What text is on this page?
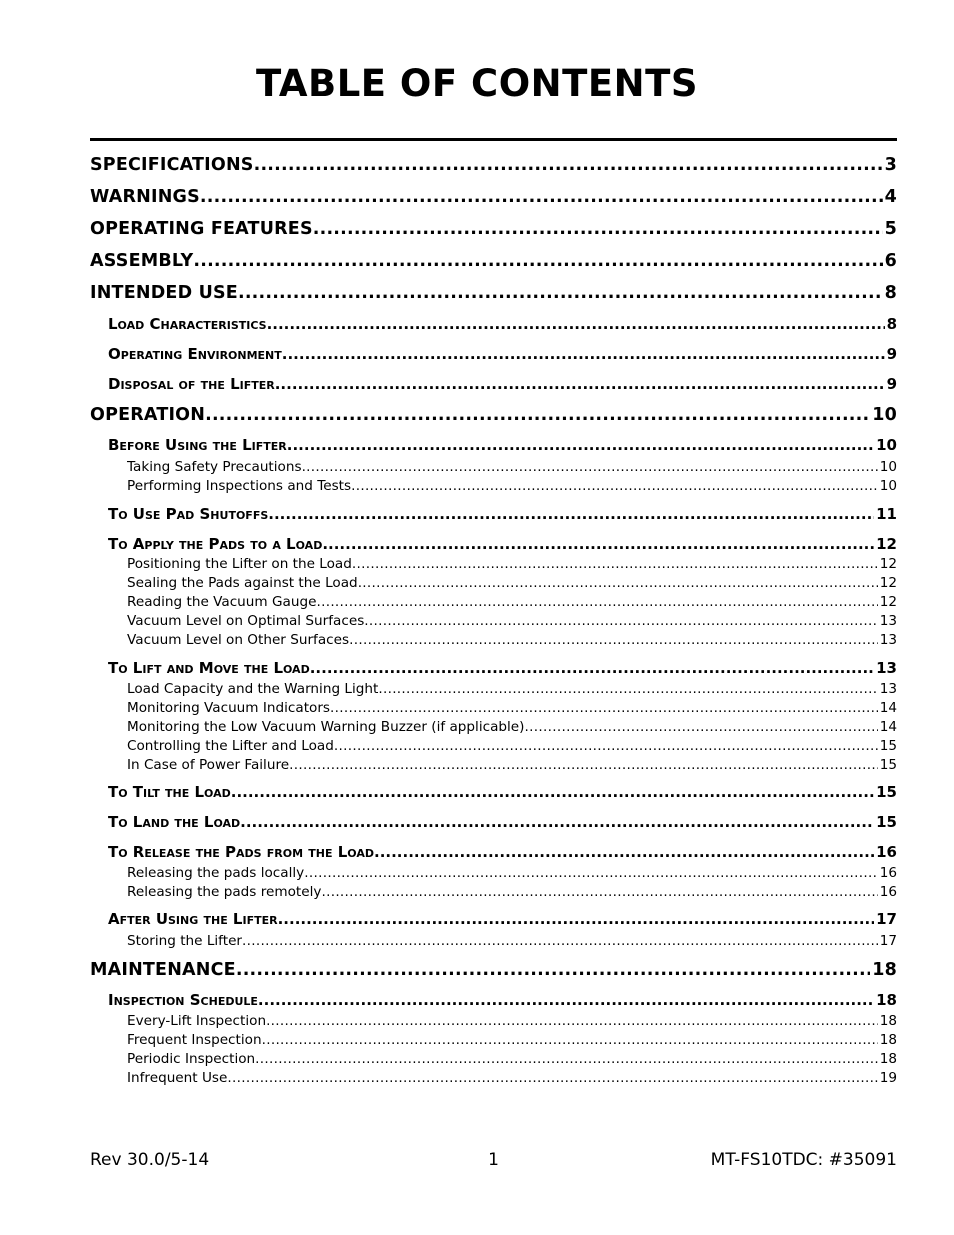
TABLE OF CONTENTS
SPECIFICATIONS .....	3
WARNINGS .....	4
OPERATING FEATURES .....	5
ASSEMBLY .....	6
INTENDED USE .....	8
Load Characteristics .....	8
Operating Environment .....	9
Disposal of the Lifter .....	9
OPERATION .....	10
Before Using the Lifter .....	10
Taking Safety Precautions .....	10
Performing Inspections and Tests .....	10
To Use Pad Shutoffs .....	11
To Apply the Pads to a Load .....	12
Positioning the Lifter on the Load .....	12
Sealing the Pads against the Load .....	12
Reading the Vacuum Gauge .....	12
Vacuum Level on Optimal Surfaces .....	13
Vacuum Level on Other Surfaces .....	13
To Lift and Move the Load .....	13
Load Capacity and the Warning Light .....	13
Monitoring Vacuum Indicators .....	14
Monitoring the Low Vacuum Warning Buzzer (if applicable) .....	14
Controlling the Lifter and Load .....	15
In Case of Power Failure .....	15
To Tilt the Load .....	15
To Land the Load .....	15
To Release the Pads from the Load .....	16
Releasing the pads locally .....	16
Releasing the pads remotely .....	16
After Using the Lifter .....	17
Storing the Lifter .....	17
MAINTENANCE .....	18
Inspection Schedule .....	18
Every-Lift Inspection .....	18
Frequent Inspection .....	18
Periodic Inspection .....	18
Infrequent Use .....	19
Rev 30.0/5-14	1	MT-FS10TDC: #35091
